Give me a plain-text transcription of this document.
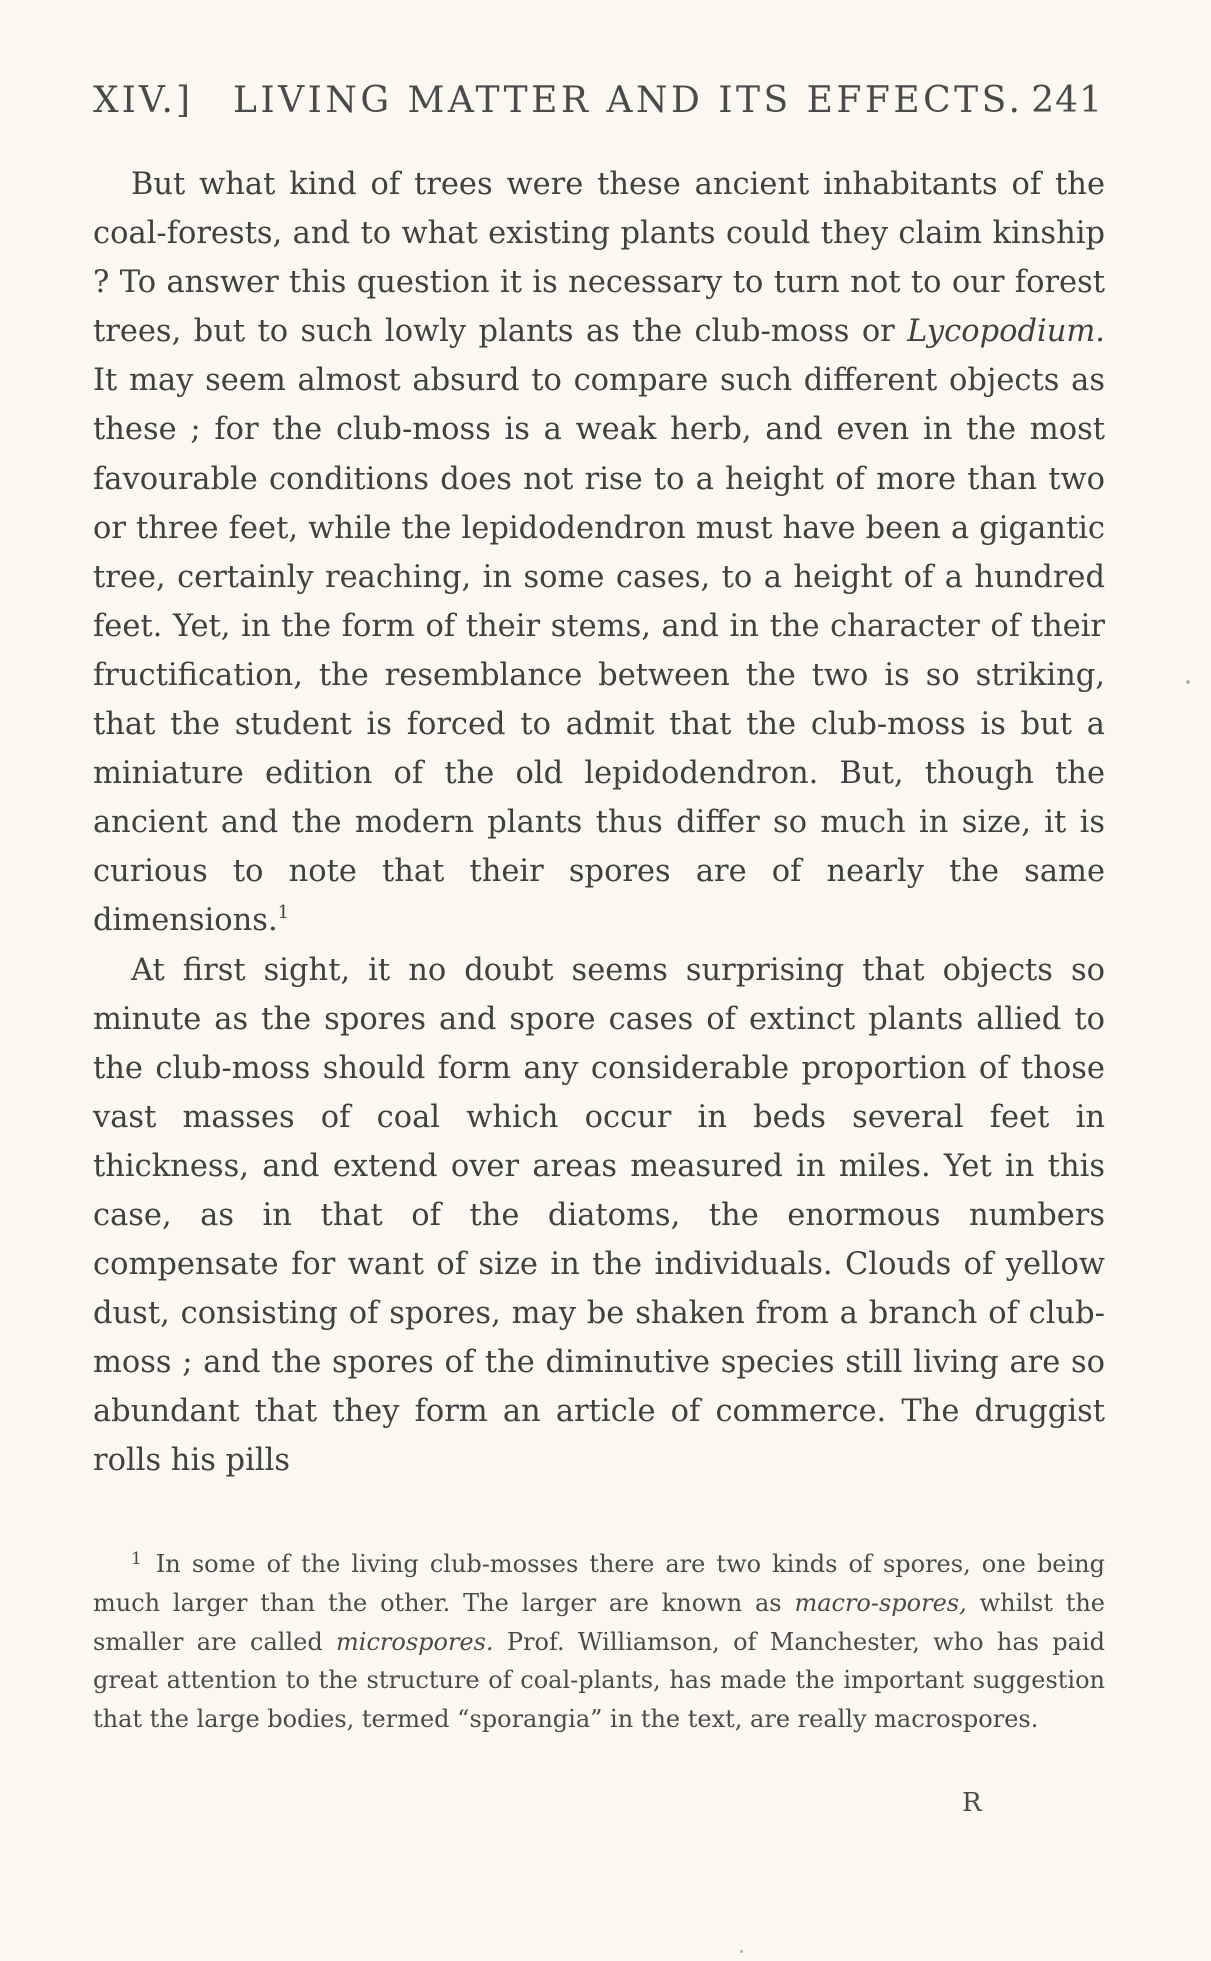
XIV.] LIVING MATTER AND ITS EFFECTS. 241

But what kind of trees were these ancient inhabitants of the coal-forests, and to what existing plants could they claim kinship ? To answer this question it is necessary to turn not to our forest trees, but to such lowly plants as the club-moss or Lycopodium. It may seem almost absurd to compare such different objects as these ; for the club-moss is a weak herb, and even in the most favourable conditions does not rise to a height of more than two or three feet, while the lepidodendron must have been a gigantic tree, certainly reaching, in some cases, to a height of a hundred feet. Yet, in the form of their stems, and in the character of their fructification, the resemblance between the two is so striking, that the student is forced to admit that the club-moss is but a miniature edition of the old lepidodendron. But, though the ancient and the modern plants thus differ so much in size, it is curious to note that their spores are of nearly the same dimensions.$^1$

At first sight, it no doubt seems surprising that objects so minute as the spores and spore cases of extinct plants allied to the club-moss should form any considerable proportion of those vast masses of coal which occur in beds several feet in thickness, and extend over areas measured in miles. Yet in this case, as in that of the diatoms, the enormous numbers compensate for want of size in the individuals. Clouds of yellow dust, consisting of spores, may be shaken from a branch of club-moss ; and the spores of the diminutive species still living are so abundant that they form an article of commerce. The druggist rolls his pills

$^1$ In some of the living club-mosses there are two kinds of spores, one being much larger than the other. The larger are known as macro-spores, whilst the smaller are called microspores. Prof. Williamson, of Manchester, who has paid great attention to the structure of coal-plants, has made the important suggestion that the large bodies, termed “sporangia” in the text, are really macrospores.

R
